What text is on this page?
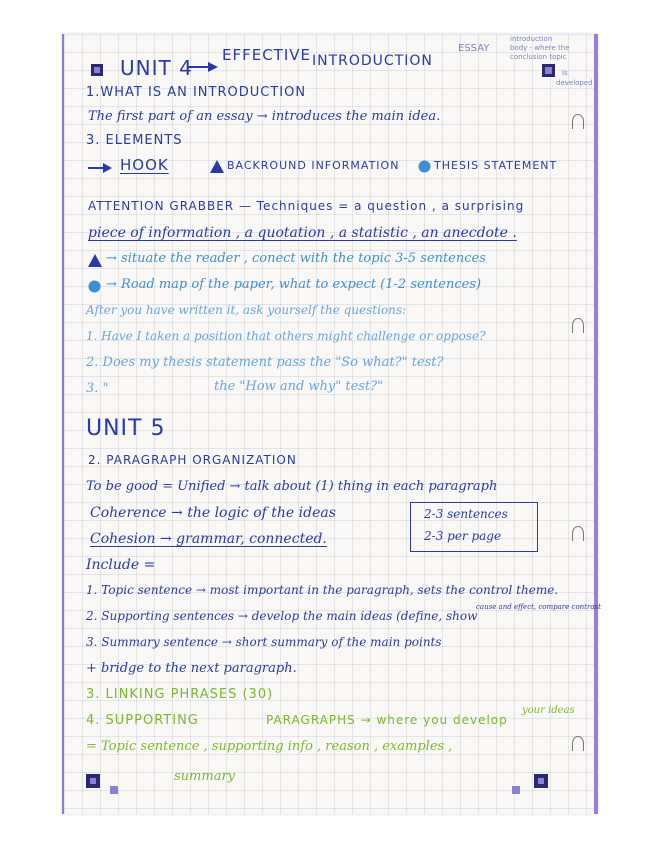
UNIT 4
EFFECTIVE INTRODUCTION
ESSAY
introduction
body - where the
conclusion topic
is
developed
1.WHAT IS AN INTRODUCTION
The first part of an essay → introduces the main idea.
3. ELEMENTS
HOOK	BACKROUND INFORMATION	THESIS STATEMENT
ATTENTION GRABBER — Techniques = a question , a surprising
piece of information , a quotation , a statistic , an anecdote .
→ situate the reader , conect with the topic 3-5 sentences
→ Road map of the paper, what to expect (1-2 sentences)
After you have written it, ask yourself the questions:
1. Have I taken a position that others might challenge or oppose?
2. Does my thesis statement pass the "So what?" test?
3. "	the "How and why" test?"
UNIT 5
2. PARAGRAPH ORGANIZATION
To be good = Unified → talk about (1) thing in each paragraph
Coherence → the logic of the ideas
Cohesion → grammar, connected.
2-3 sentences
2-3 per page
Include =
1. Topic sentence → most important in the paragraph, sets the control theme.
2. Supporting sentences → develop the main ideas (define, show
cause and effect, compare contrast
3. Summary sentence → short summary of the main points
+ bridge to the next paragraph.
3. LINKING PHRASES (30)
4. SUPPORTING	PARAGRAPHS → where you develop
your ideas
= Topic sentence , supporting info , reason , examples ,
summary
